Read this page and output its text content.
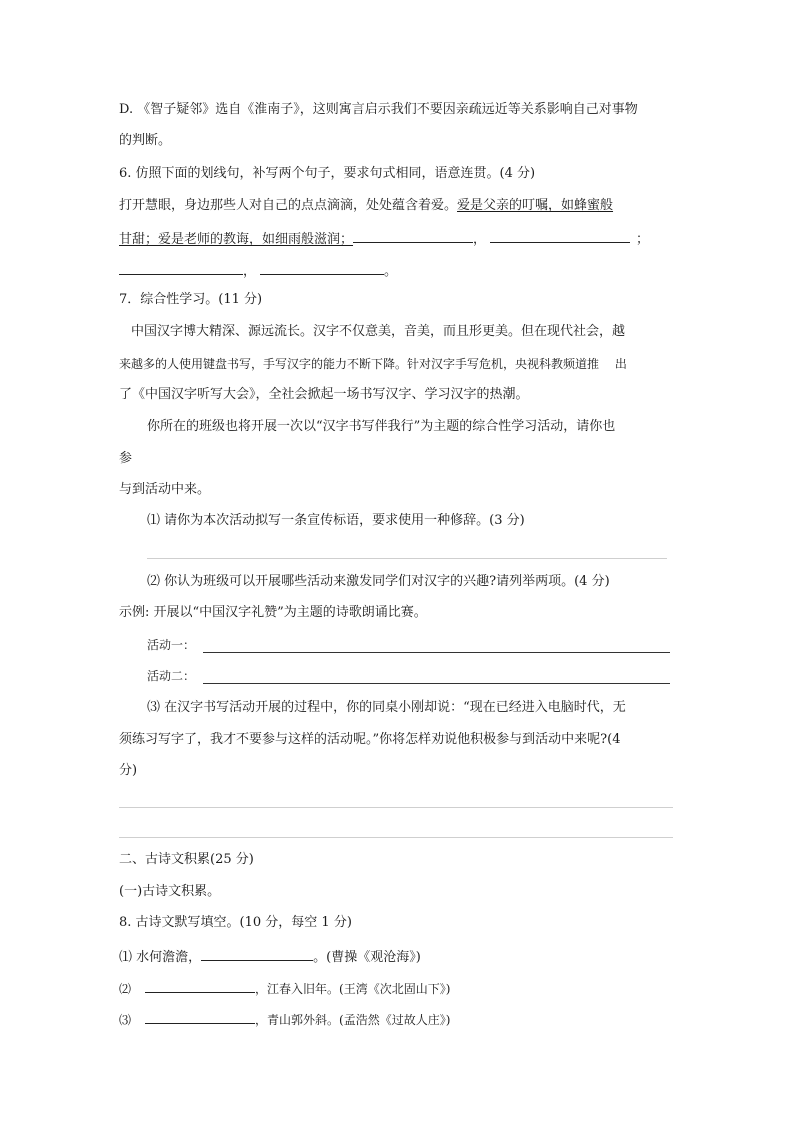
D. 《智子疑邻》选自《淮南子》，这则寓言启示我们不要因亲疏远近等关系影响自己对事物
的判断。
6. 仿照下面的划线句，补写两个句子，要求句式相同，语意连贯。(4 分)
打开慧眼，身边那些人对自己的点点滴滴，处处蕴含着爱。爱是父亲的叮嘱，如蜂蜜般
甘甜；爱是老师的教诲，如细雨般滋润；	，	；
，	。
7．综合性学习。(11 分)
中国汉字博大精深、源远流长。汉字不仅意美，音美，而且形更美。但在现代社会，越
来越多的人使用键盘书写，手写汉字的能力不断下降。针对汉字手写危机，央视科教频道推　 出
了《中国汉字听写大会》，全社会掀起一场书写汉字、学习汉字的热潮。
你所在的班级也将开展一次以“汉字书写伴我行”为主题的综合性学习活动，请你也
参
与到活动中来。
⑴ 请你为本次活动拟写一条宣传标语，要求使用一种修辞。(3 分)
⑵ 你认为班级可以开展哪些活动来激发同学们对汉字的兴趣?请列举两项。(4 分)
示例: 开展以“中国汉字礼赞”为主题的诗歌朗诵比赛。
活动一：
活动二：
⑶ 在汉字书写活动开展的过程中，你的同桌小刚却说：“现在已经进入电脑时代，无
须练习写字了，我才不要参与这样的活动呢。”你将怎样劝说他积极参与到活动中来呢?(4
分)
二、古诗文积累(25 分)
(一)古诗文积累。
8. 古诗文默写填空。(10 分，每空 1 分)
⑴ 水何澹澹，	。(曹操《观沧海》)
⑵	，江春入旧年。(王湾《次北固山下》)
⑶	，青山郭外斜。(孟浩然《过故人庄》)
